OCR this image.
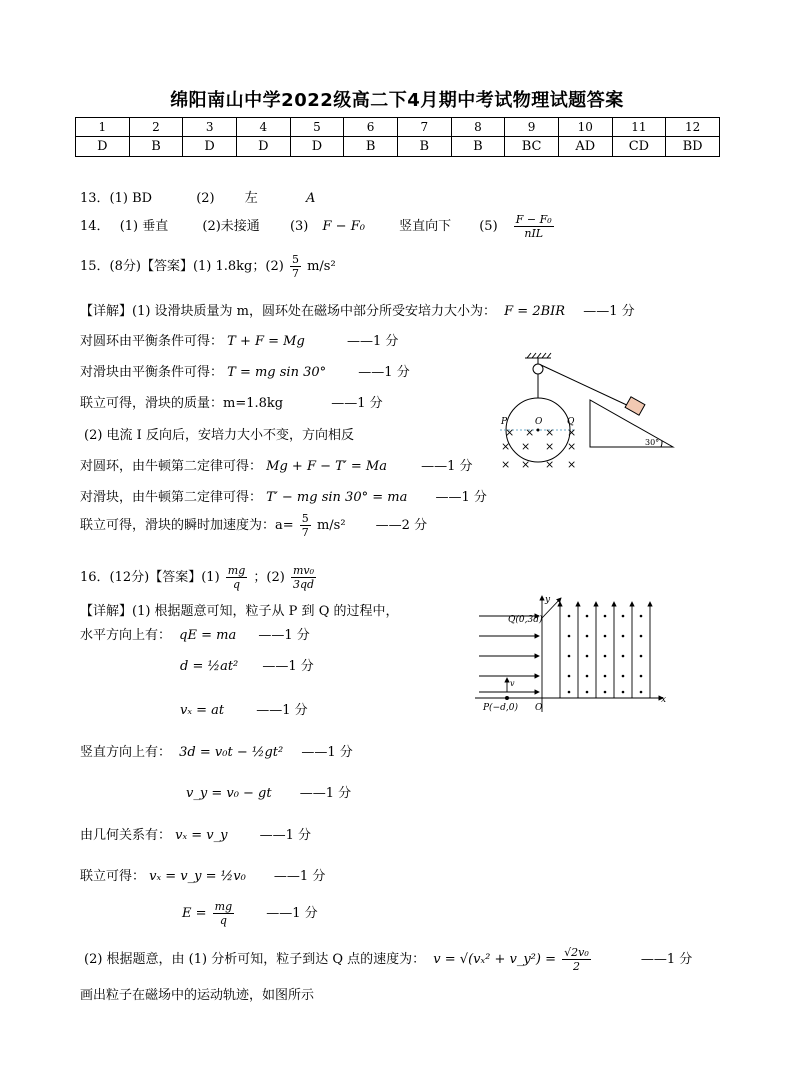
绵阳南山中学2022级高二下4月期中考试物理试题答案
1	2	3	4	5	6	7	8	9	10	11	12
D	B	D	D	D	B	B	B	BC	AD	CD	BD
13．(1) BD	(2) 左	A
14． (1) 垂直	(2)未接通 (3) F − F₀	竖直向下 $(5) \frac{\text{F − F₀}}{\text{nIL}}$
15．(8分)【答案】(1) 1.8kg；$(2) \frac{5}{7} m/s^2$
【详解】(1) 设滑块质量为 m，圆环处在磁场中部分所受安培力大小为： F = 2BIR ——1 分
对圆环由平衡条件可得： T + F = Mg	——1 分
对滑块由平衡条件可得： T = mg sin 30° ——1 分
联立可得，滑块的质量：m=1.8kg	——1 分
(2) 电流 I 反向后，安培力大小不变，方向相反
对圆环，由牛顿第二定律可得： Mg + F − T′ = Ma	——1 分
对滑块，由牛顿第二定律可得： T′ − mg sin 30° = ma ——1 分
联立可得，滑块的瞬时加速度为：$a= \frac{5}{7} m/s^2$ ——2 分
× × × ×
× × × ×
× × × ×
P	O	Q
30°
16．(12分)【答案】$(1) \frac{mg}{q}$ ；$(2) \frac{\text{mv₀}}{3qd}$
【详解】(1) 根据题意可知，粒子从 P 到 Q 的过程中，
水平方向上有： qE = ma ——1 分
d = ½at² ——1 分
vₓ = at ——1 分
竖直方向上有： 3d = v₀t − ½gt² ——1 分
v_y = v₀ − gt ——1 分
由几何关系有： vₓ = v_y ——1 分
联立可得： vₓ = v_y = ½v₀ ——1 分
$E = \frac{mg}{q}$ ——1 分
(2) 根据题意，由 (1) 分析可知，粒子到达 Q 点的速度为： v = √(vₓ² + v_y²) = $\frac{\text{√2v₀}}{2}$	——1 分
画出粒子在磁场中的运动轨迹，如图所示
Q(0,3d)
P(−d,0) O
x
y
v
